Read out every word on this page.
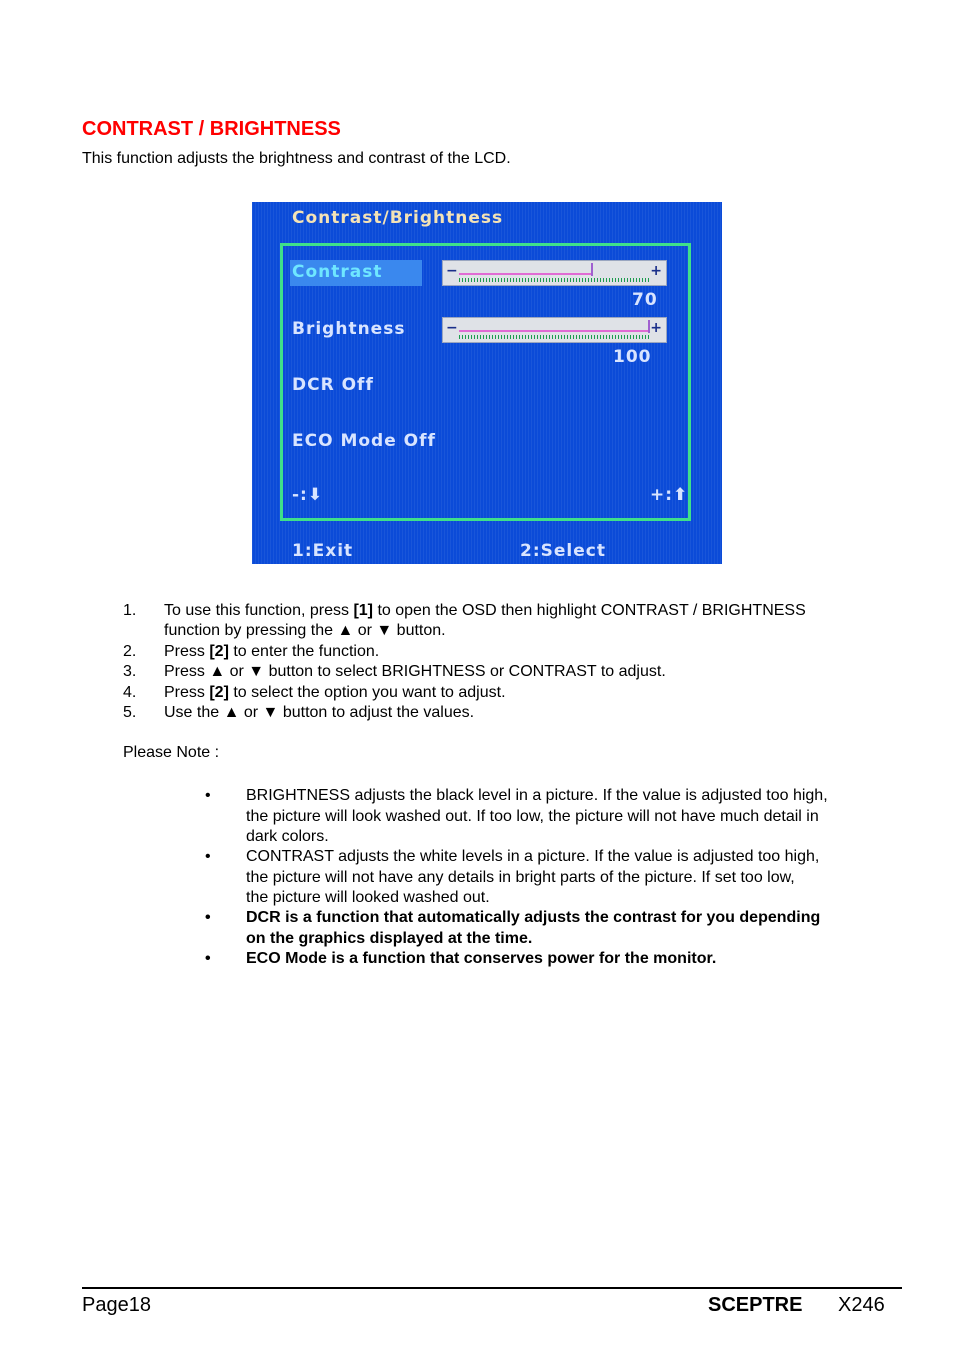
CONTRAST / BRIGHTNESS
This function adjusts the brightness and contrast of the LCD.
Contrast/Brightness
Contrast	−	+
70
Brightness	−	+
100
DCR Off
ECO Mode Off
-:⬇	+:⬆
1:Exit	2:Select
1. To use this function, press [1] to open the OSD then highlight CONTRAST / BRIGHTNESS
function by pressing the ▲ or ▼ button.
2. Press [2] to enter the function.
3. Press ▲ or ▼ button to select BRIGHTNESS or CONTRAST to adjust.
4. Press [2] to select the option you want to adjust.
5. Use the ▲ or ▼ button to adjust the values.
Please Note :
• BRIGHTNESS adjusts the black level in a picture. If the value is adjusted too high,
the picture will look washed out. If too low, the picture will not have much detail in
dark colors.
• CONTRAST adjusts the white levels in a picture. If the value is adjusted too high,
the picture will not have any details in bright parts of the picture. If set too low,
the picture will looked washed out.
• DCR is a function that automatically adjusts the contrast for you depending
on the graphics displayed at the time.
• ECO Mode is a function that conserves power for the monitor.
Page18	SCEPTRE X246
